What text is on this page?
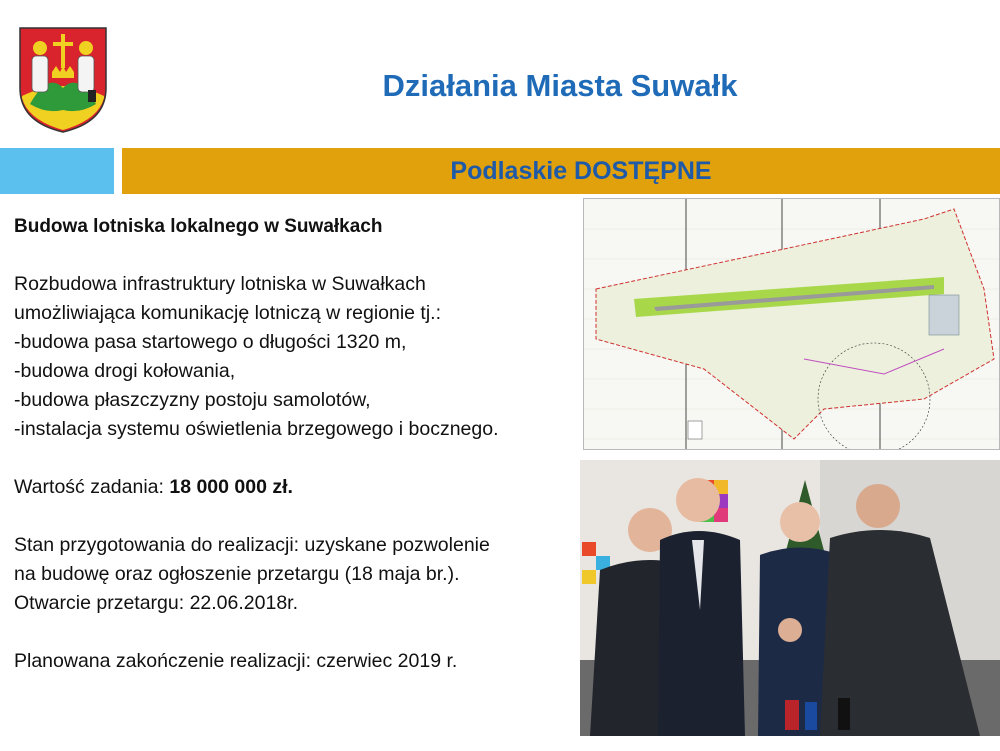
Działania Miasta Suwałk
Podlaskie DOSTĘPNE

Budowa lotniska lokalnego w Suwałkach

Rozbudowa infrastruktury lotniska w Suwałkach

umożliwiająca komunikację lotniczą w regionie tj.:

-budowa pasa startowego o długości 1320 m,

-budowa drogi kołowania,

-budowa płaszczyzny postoju samolotów,

-instalacja systemu oświetlenia brzegowego i bocznego.

Wartość zadania: 18 000 000 zł.

Stan przygotowania do realizacji: uzyskane pozwolenie

na budowę oraz ogłoszenie przetargu (18 maja br.).

Otwarcie przetargu: 22.06.2018r.

Planowana zakończenie realizacji: czerwiec 2019 r.
